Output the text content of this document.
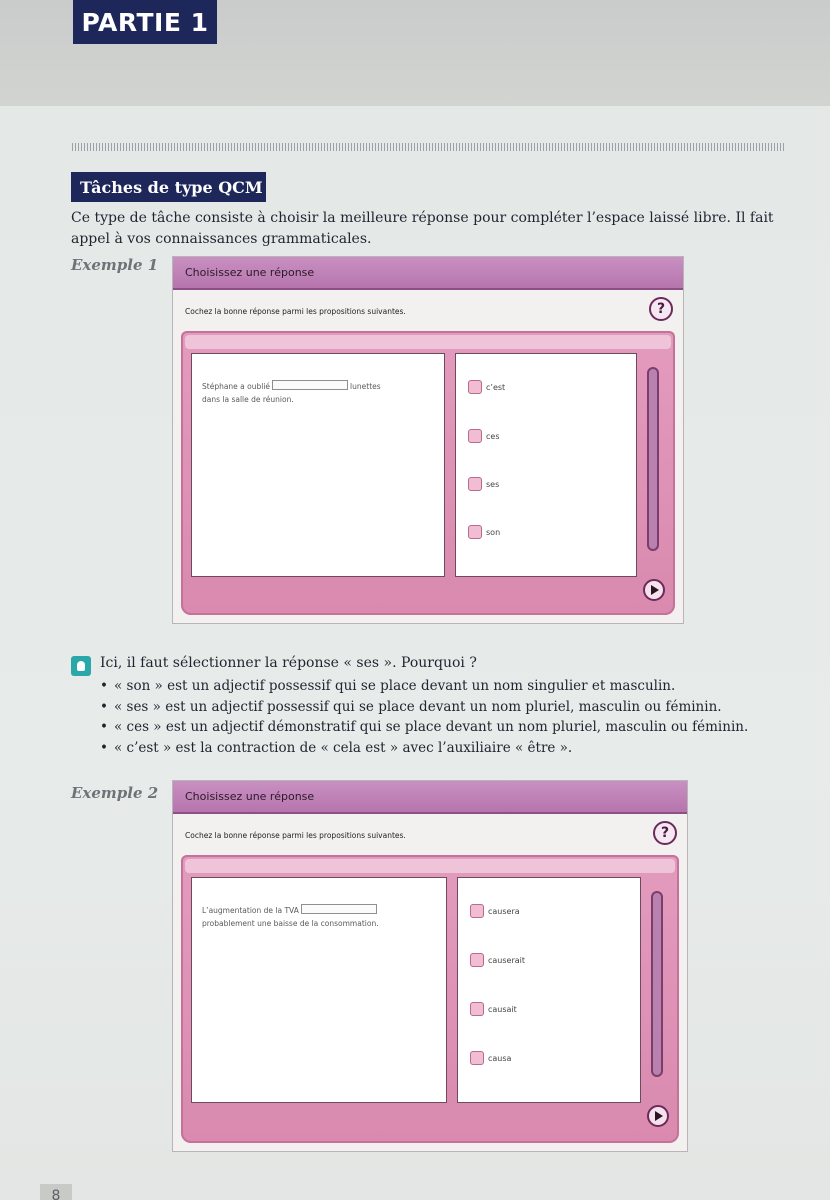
PARTIE 1
Tâches de type QCM

Ce type de tâche consiste à choisir la meilleure réponse pour compléter l’espace laissé libre. Il fait appel à vos connaissances grammaticales.

Exemple 1	Choisissez une réponse
Cochez la bonne réponse parmi les propositions suivantes.	?
Stéphane a oublié	lunettes
dans la salle de réunion.
c’est
ces
ses
son
Ici, il faut sélectionner la réponse « ses ». Pourquoi ?
• « son » est un adjectif possessif qui se place devant un nom singulier et masculin.
• « ses » est un adjectif possessif qui se place devant un nom pluriel, masculin ou féminin.
• « ces » est un adjectif démonstratif qui se place devant un nom pluriel, masculin ou féminin.
• « c’est » est la contraction de « cela est » avec l’auxiliaire « être ».
Exemple 2	Choisissez une réponse
Cochez la bonne réponse parmi les propositions suivantes.	?
L’augmentation de la TVA
probablement une baisse de la consommation.
causera
causerait
causait
causa
8
